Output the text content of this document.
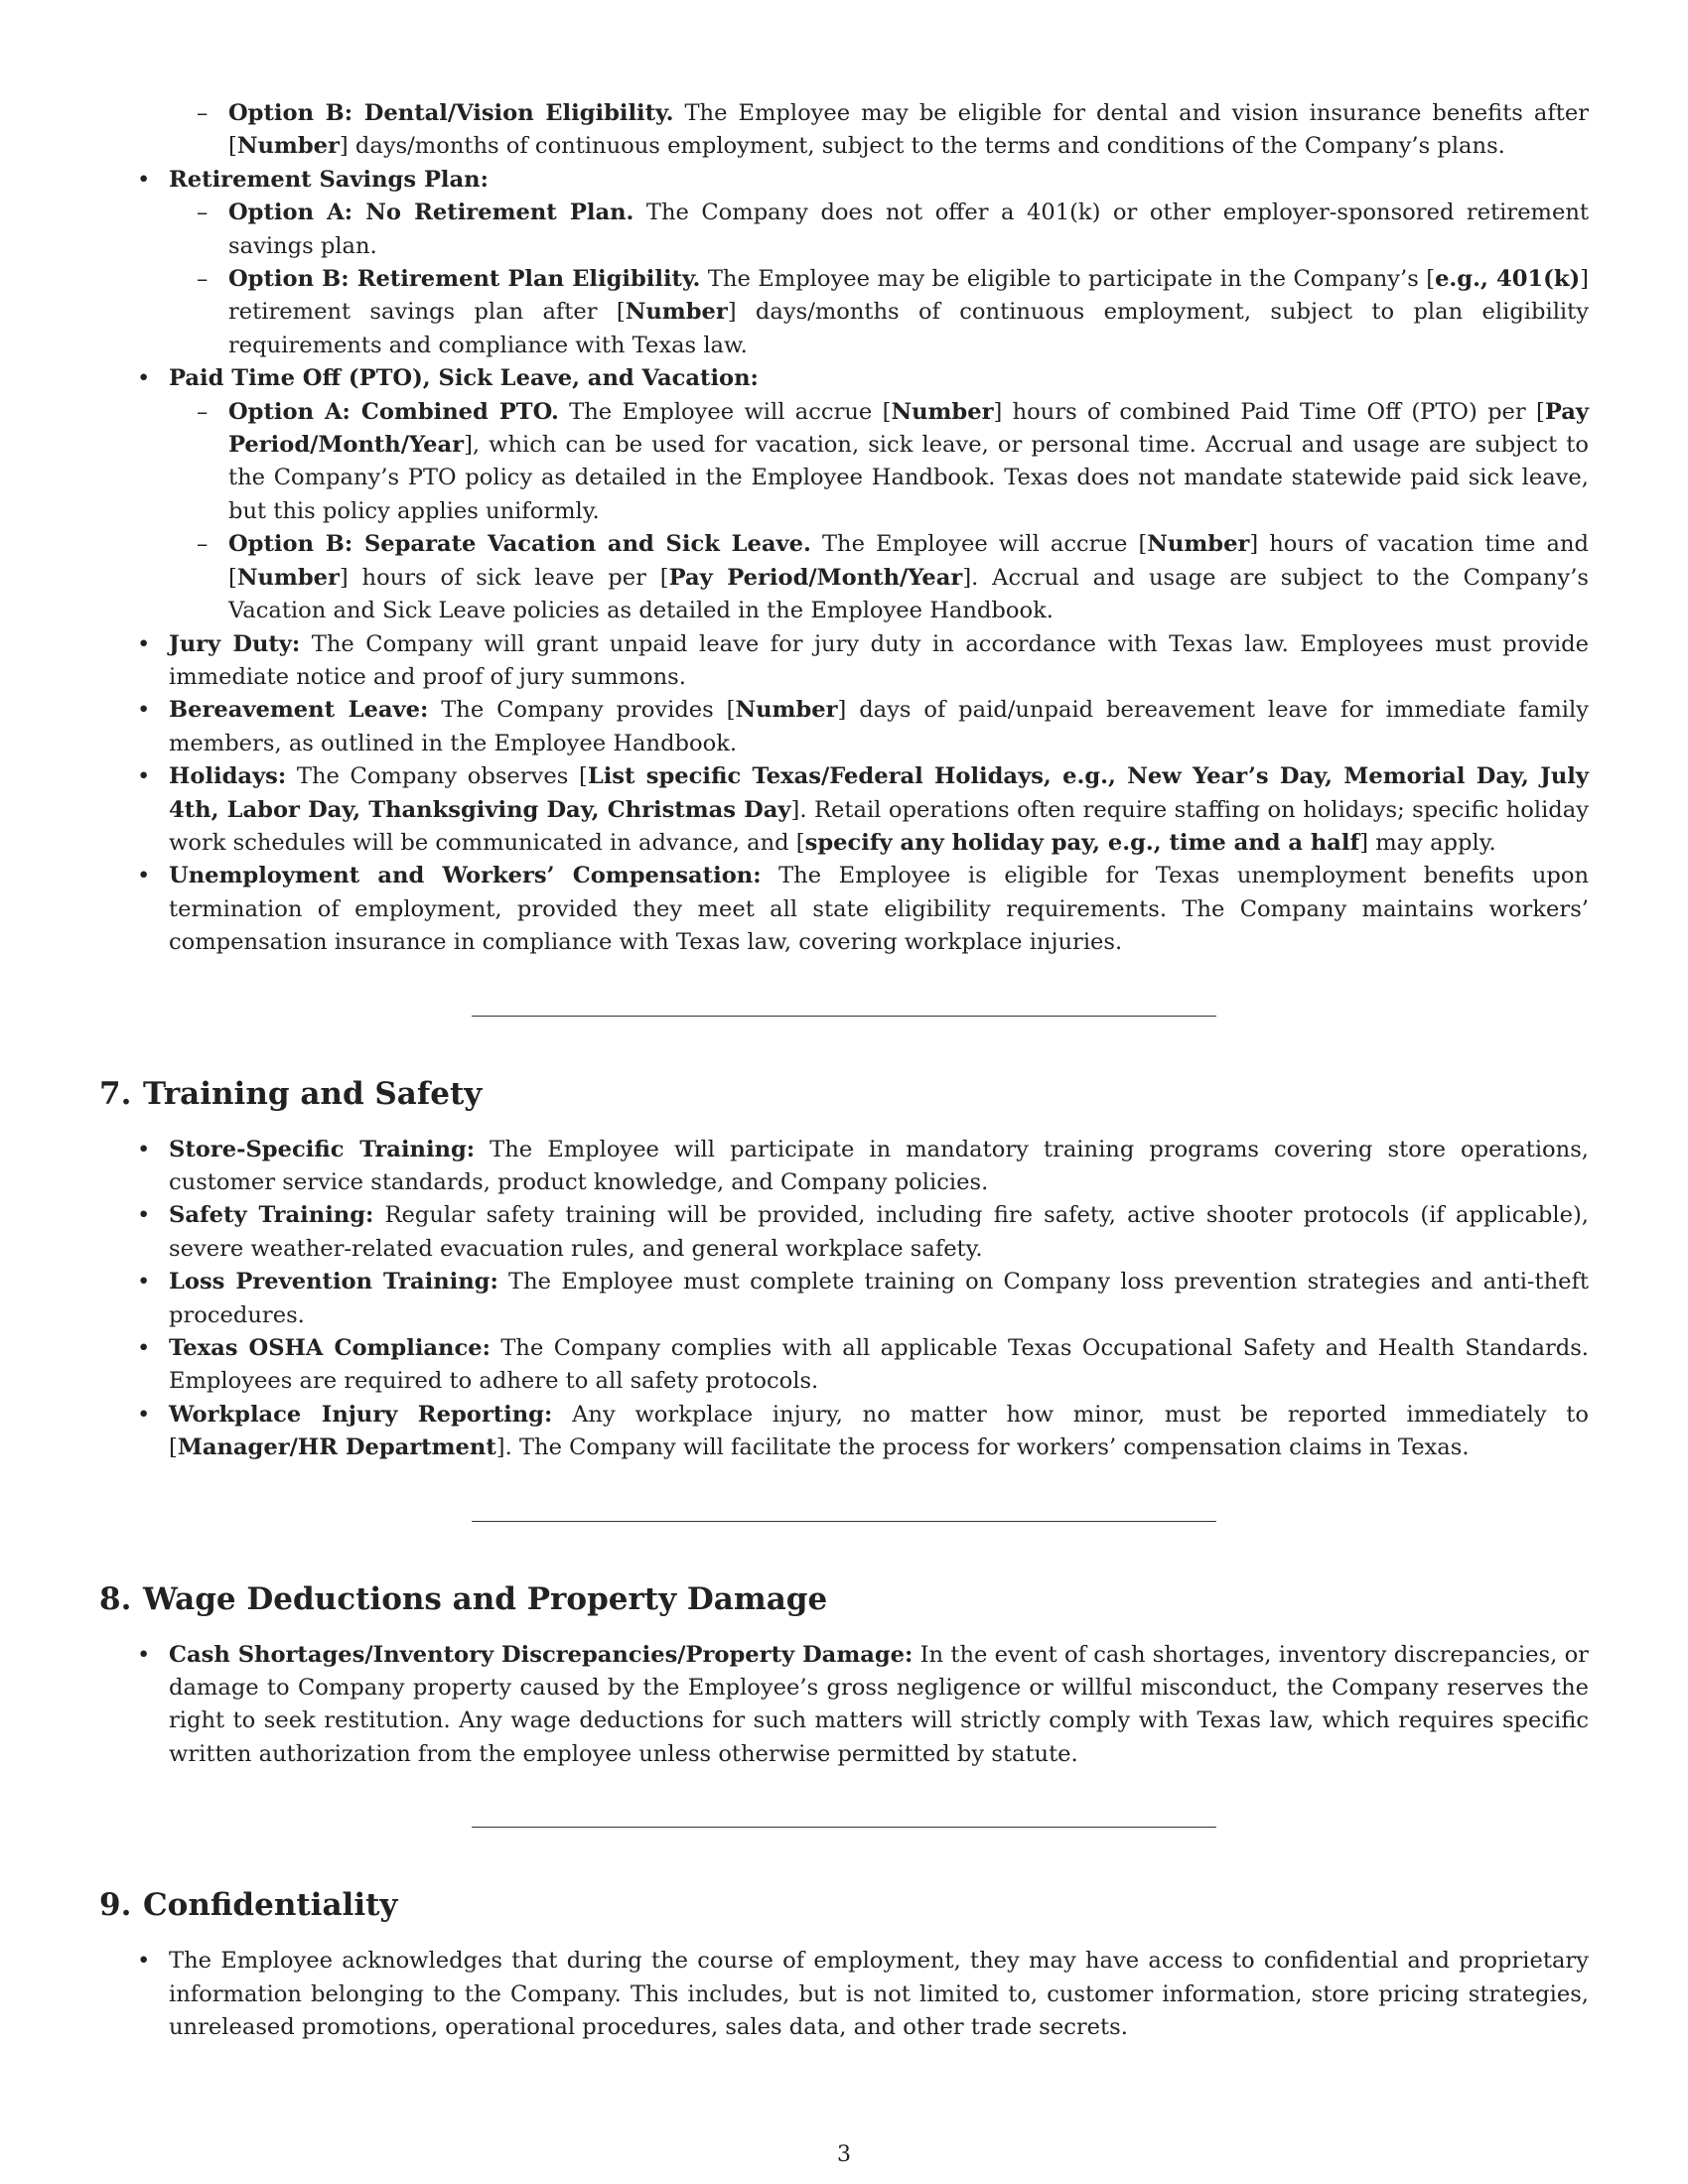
– Option B: Dental/Vision Eligibility. The Employee may be eligible for dental and vision insurance benefits after [Number] days/months of continuous employment, subject to the terms and conditions of the Company’s plans.

• Retirement Savings Plan:

– Option A: No Retirement Plan. The Company does not offer a 401(k) or other employer-sponsored retirement savings plan.

– Option B: Retirement Plan Eligibility. The Employee may be eligible to participate in the Company’s [e.g., 401(k)] retirement savings plan after [Number] days/months of continuous employment, subject to plan eligibility requirements and compliance with Texas law.

• Paid Time Off (PTO), Sick Leave, and Vacation:

– Option A: Combined PTO. The Employee will accrue [Number] hours of combined Paid Time Off (PTO) per [Pay Period/Month/Year], which can be used for vacation, sick leave, or personal time. Accrual and usage are subject to the Company’s PTO policy as detailed in the Employee Handbook. Texas does not mandate statewide paid sick leave, but this policy applies uniformly.

– Option B: Separate Vacation and Sick Leave. The Employee will accrue [Number] hours of vacation time and [Number] hours of sick leave per [Pay Period/Month/Year]. Accrual and usage are subject to the Company’s Vacation and Sick Leave policies as detailed in the Employee Handbook.

• Jury Duty: The Company will grant unpaid leave for jury duty in accordance with Texas law. Employees must provide immediate notice and proof of jury summons.

• Bereavement Leave: The Company provides [Number] days of paid/unpaid bereavement leave for immediate family members, as outlined in the Employee Handbook.

• Holidays: The Company observes [List specific Texas/Federal Holidays, e.g., New Year’s Day, Memorial Day, July 4th, Labor Day, Thanksgiving Day, Christmas Day]. Retail operations often require staffing on holidays; specific holiday work schedules will be communicated in advance, and [specify any holiday pay, e.g., time and a half] may apply.

• Unemployment and Workers’ Compensation: The Employee is eligible for Texas unemployment benefits upon termination of employment, provided they meet all state eligibility requirements. The Company maintains workers’ compensation insurance in compliance with Texas law, covering workplace injuries.

7. Training and Safety

• Store-Specific Training: The Employee will participate in mandatory training programs covering store operations, customer service standards, product knowledge, and Company policies.

• Safety Training: Regular safety training will be provided, including fire safety, active shooter protocols (if applicable), severe weather-related evacuation rules, and general workplace safety.

• Loss Prevention Training: The Employee must complete training on Company loss prevention strategies and anti-theft procedures.

• Texas OSHA Compliance: The Company complies with all applicable Texas Occupational Safety and Health Standards. Employees are required to adhere to all safety protocols.

• Workplace Injury Reporting: Any workplace injury, no matter how minor, must be reported immediately to [Manager/HR Department]. The Company will facilitate the process for workers’ compensation claims in Texas.

8. Wage Deductions and Property Damage

• Cash Shortages/Inventory Discrepancies/Property Damage: In the event of cash shortages, inventory discrepancies, or damage to Company property caused by the Employee’s gross negligence or willful misconduct, the Company reserves the right to seek restitution. Any wage deductions for such matters will strictly comply with Texas law, which requires specific written authorization from the employee unless otherwise permitted by statute.

9. Confidentiality

• The Employee acknowledges that during the course of employment, they may have access to confidential and proprietary information belonging to the Company. This includes, but is not limited to, customer information, store pricing strategies, unreleased promotions, operational procedures, sales data, and other trade secrets.

3
